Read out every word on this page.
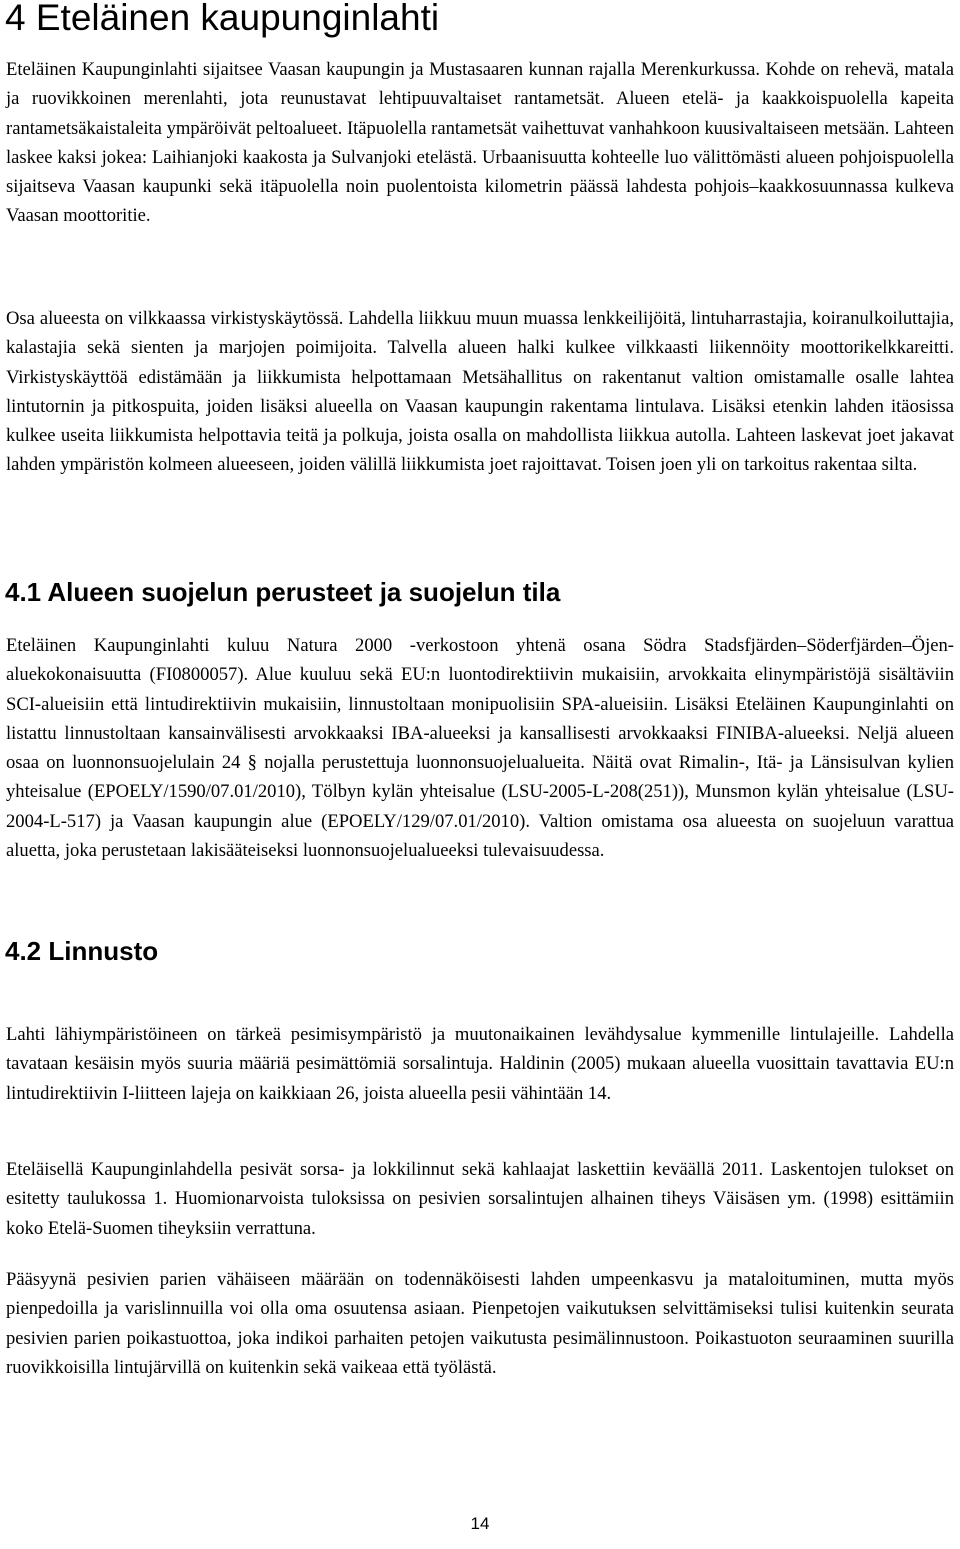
4 Eteläinen kaupunginlahti

Eteläinen Kaupunginlahti sijaitsee Vaasan kaupungin ja Mustasaaren kunnan rajalla Merenkurkussa. Kohde on rehevä, matala ja ruovikkoinen merenlahti, jota reunustavat lehtipuuvaltaiset rantametsät. Alueen etelä- ja kaakkoispuolella kapeita rantametsäkaistaleita ympäröivät peltoalueet. Itäpuolella rantametsät vaihettuvat vanhahkoon kuusivaltaiseen metsään. Lahteen laskee kaksi jokea: Laihianjoki kaakosta ja Sulvanjoki etelästä. Urbaanisuutta kohteelle luo välittömästi alueen pohjoispuolella sijaitseva Vaasan kaupunki sekä itäpuolella noin puolentoista kilometrin päässä lahdesta pohjois–kaakkosuunnassa kulkeva Vaasan moottoritie.

Osa alueesta on vilkkaassa virkistyskäytössä. Lahdella liikkuu muun muassa lenkkeilijöitä, lintuharrastajia, koiranulkoiluttajia, kalastajia sekä sienten ja marjojen poimijoita. Talvella alueen halki kulkee vilkkaasti liikennöity moottorikelkkareitti. Virkistyskäyttöä edistämään ja liikkumista helpottamaan Metsähallitus on rakentanut valtion omistamalle osalle lahtea lintutornin ja pitkospuita, joiden lisäksi alueella on Vaasan kaupungin rakentama lintulava. Lisäksi etenkin lahden itäosissa kulkee useita liikkumista helpottavia teitä ja polkuja, joista osalla on mahdollista liikkua autolla. Lahteen laskevat joet jakavat lahden ympäristön kolmeen alueeseen, joiden välillä liikkumista joet rajoittavat. Toisen joen yli on tarkoitus rakentaa silta.

4.1 Alueen suojelun perusteet ja suojelun tila

Eteläinen Kaupunginlahti kuluu Natura 2000 -verkostoon yhtenä osana Södra Stadsfjärden–Söderfjärden–Öjen-aluekokonaisuutta (FI0800057). Alue kuuluu sekä EU:n luontodirektiivin mukaisiin, arvokkaita elinympäristöjä sisältäviin SCI-alueisiin että lintudirektiivin mukaisiin, linnustoltaan monipuolisiin SPA-alueisiin. Lisäksi Eteläinen Kaupunginlahti on listattu linnustoltaan kansainvälisesti arvokkaaksi IBA-alueeksi ja kansallisesti arvokkaaksi FINIBA-alueeksi. Neljä alueen osaa on luonnonsuojelulain 24 § nojalla perustettuja luonnonsuojelualueita. Näitä ovat Rimalin-, Itä- ja Länsisulvan kylien yhteisalue (EPOELY/1590/07.01/2010), Tölbyn kylän yhteisalue (LSU-2005-L-208(251)), Munsmon kylän yhteisalue (LSU-2004-L-517) ja Vaasan kaupungin alue (EPOELY/129/07.01/2010). Valtion omistama osa alueesta on suojeluun varattua aluetta, joka perustetaan lakisääteiseksi luonnonsuojelualueeksi tulevaisuudessa.

4.2 Linnusto

Lahti lähiympäristöineen on tärkeä pesimisympäristö ja muutonaikainen levähdysalue kymmenille lintulajeille. Lahdella tavataan kesäisin myös suuria määriä pesimättömiä sorsalintuja. Haldinin (2005) mukaan alueella vuosittain tavattavia EU:n lintudirektiivin I-liitteen lajeja on kaikkiaan 26, joista alueella pesii vähintään 14.

Eteläisellä Kaupunginlahdella pesivät sorsa- ja lokkilinnut sekä kahlaajat laskettiin keväällä 2011. Laskentojen tulokset on esitetty taulukossa 1. Huomionarvoista tuloksissa on pesivien sorsalintujen alhainen tiheys Väisäsen ym. (1998) esittämiin koko Etelä-Suomen tiheyksiin verrattuna.

Pääsyynä pesivien parien vähäiseen määrään on todennäköisesti lahden umpeenkasvu ja mataloituminen, mutta myös pienpedoilla ja varislinnuilla voi olla oma osuutensa asiaan. Pienpetojen vaikutuksen selvittämiseksi tulisi kuitenkin seurata pesivien parien poikastuottoa, joka indikoi parhaiten petojen vaikutusta pesimälinnustoon. Poikastuoton seuraaminen suurilla ruovikkoisilla lintujärvillä on kuitenkin sekä vaikeaa että työlästä.

14
